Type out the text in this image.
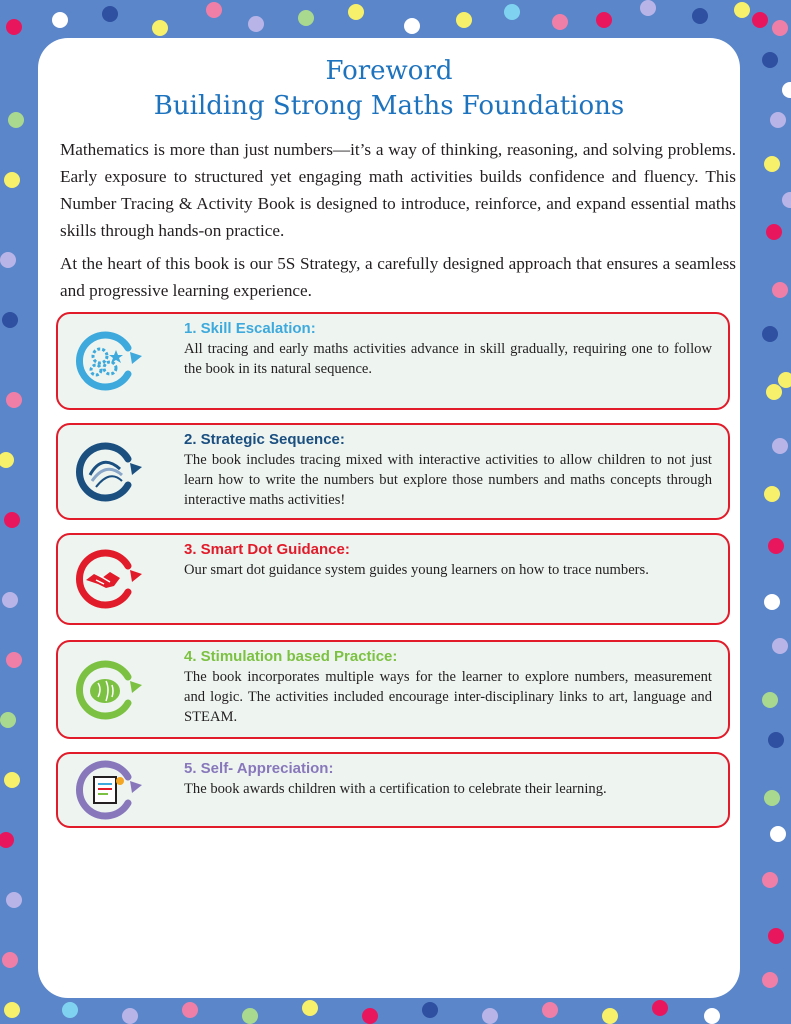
Foreword
Building Strong Maths Foundations

Mathematics is more than just numbers—it’s a way of thinking, reasoning, and solving problems. Early exposure to structured yet engaging math activities builds confidence and fluency. This Number Tracing & Activity Book is designed to introduce, reinforce, and expand essential maths skills through hands-on practice.

At the heart of this book is our 5S Strategy, a carefully designed approach that ensures a seamless and progressive learning experience.

1. Skill Escalation:
All tracing and early maths activities advance in skill gradually, requiring one to follow the book in its natural sequence.
2. Strategic Sequence:
The book includes tracing mixed with interactive activities to allow children to not just learn how to write the numbers but explore those numbers and maths concepts through interactive maths activities!
3. Smart Dot Guidance:
Our smart dot guidance system guides young learners on how to trace numbers.
4. Stimulation based Practice:
The book incorporates multiple ways for the learner to explore numbers, measurement and logic. The activities included encourage inter-disciplinary links to art, language and STEAM.
5. Self- Appreciation:
The book awards children with a certification to celebrate their learning.
